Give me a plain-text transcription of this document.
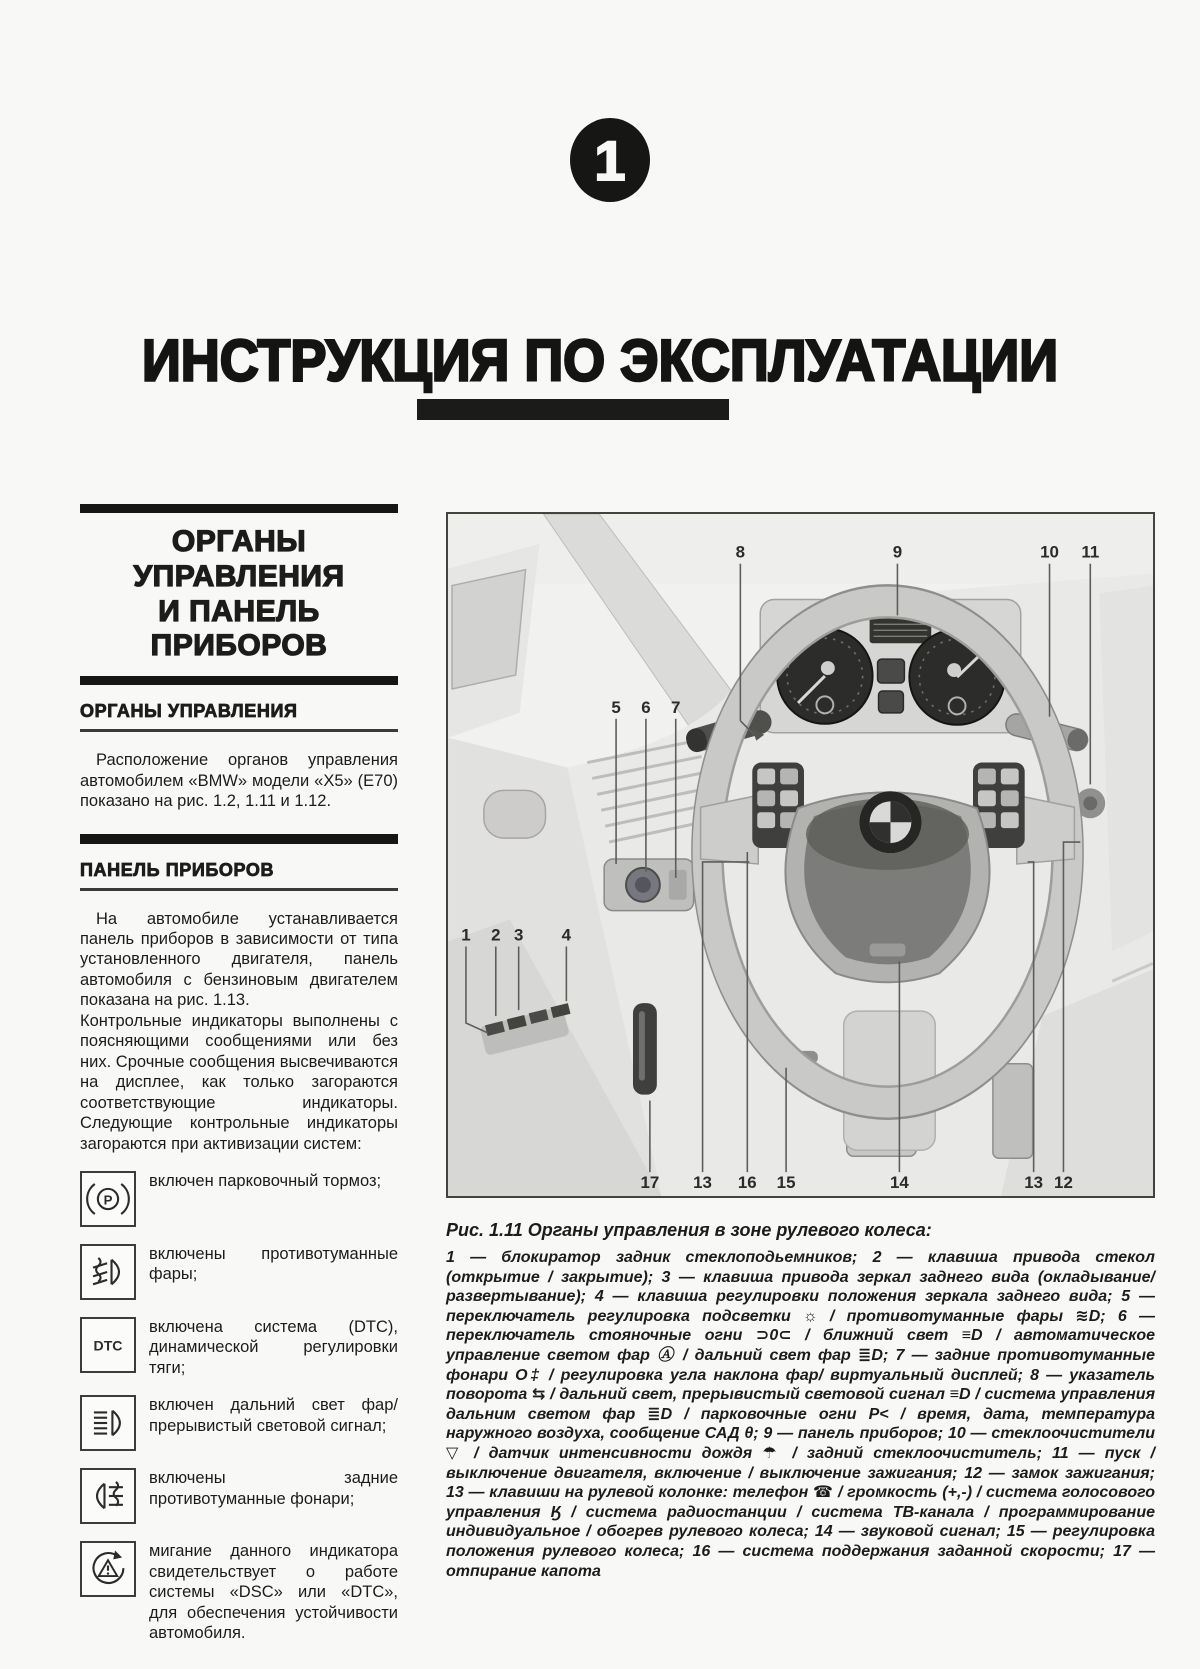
1
ИНСТРУКЦИЯ ПО ЭКСПЛУАТАЦИИ
ОРГАНЫ
УПРАВЛЕНИЯ
И ПАНЕЛЬ
ПРИБОРОВ
ОРГАНЫ УПРАВЛЕНИЯ

Расположение органов управления автомобилем «BMW» модели «X5» (E70) показано на рис. 1.2, 1.11 и 1.12.

ПАНЕЛЬ ПРИБОРОВ

На автомобиле устанавливается панель приборов в зависимости от типа установленного двигателя, панель автомобиля с бензиновым двигателем показана на рис. 1.13.

Контрольные индикаторы выполнены с поясняющими сообщениями или без них. Срочные сообщения высвечиваются на дисплее, как только загораются соответствующие индикаторы. Следующие контрольные индикаторы загораются при активизации систем:

P

включен парковочный тормоз;

включены противотуманные фары;

DTC

включена система (DTC), динамической регулировки тяги;

включен дальний свет фар/прерывистый световой сигнал;

включены задние противотуманные фонари;

мигание данного индикатора свидетельствует о работе системы «DSC» или «DTC», для обеспечения устойчивости автомобиля.

8	9	10 11
5 6 7
1 2 3 4
17 13 16 15	14	13 12

Рис. 1.11 Органы управления в зоне рулевого колеса:

1 — блокиратор задник стеклоподьемников; 2 — клавиша привода стекол (открытие / закрытие); 3 — клавиша привода зеркал заднего вида (окладывание/развертывание); 4 — клавиша регулировки положения зеркала заднего вида; 5 — переключатель регулировка подсветки ☼ / противотуманные фары ≋D; 6 — переключатель стояночные огни ⊃0⊂ / ближний свет ≡D / автоматическое управление светом фар Ⓐ / дальний свет фар ≣D; 7 — задние противотуманные фонари O‡ / регулировка угла наклона фар/ виртуальный дисплей; 8 — указатель поворота ⇆ / дальний свет, прерывистый световой сигнал ≡D / система управления дальним светом фар ≣D / парковочные огни P< / время, дата, температура наружного воздуха, сообщение САД θ; 9 — панель приборов; 10 — стеклоочистители ▽ / датчик интенсивности дождя ☂ / задний стеклоочиститель; 11 — пуск / выключение двигателя, включение / выключение зажигания; 12 — замок зажигания; 13 — клавиши на рулевой колонке: телефон ☎ / громкость (+,-) / система голосового управления Ӄ / система радиостанции / система ТВ-канала / программирование индивидуальное / обогрев рулевого колеса; 14 — звуковой сигнал; 15 — регулировка положения рулевого колеса; 16 — система поддержания заданной скорости; 17 — отпирание капота
